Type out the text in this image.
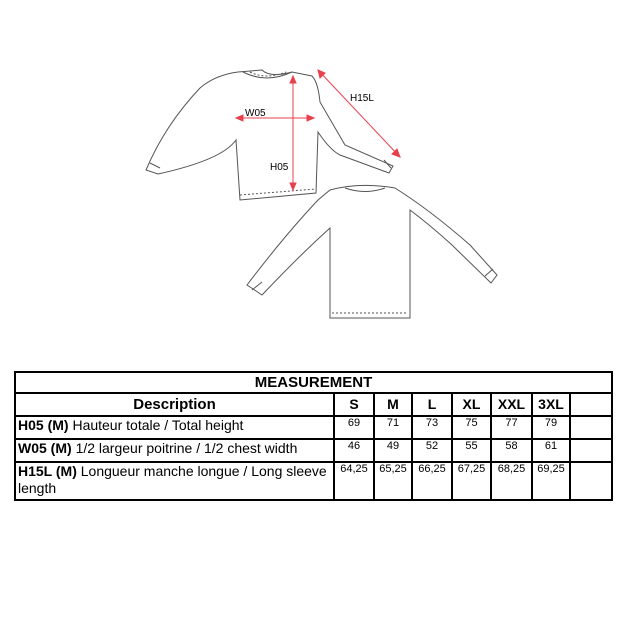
W05
H05
H15L
MEASUREMENT							
Description	S	M	L	XL	XXL	3XL	
H05 (M) Hauteur totale / Total height	69	71	73	75	77	79	
W05 (M) 1/2 largeur poitrine / 1/2 chest width	46	49	52	55	58	61	
H15L (M) Longueur manche longue / Long sleeve length	64,25	65,25	66,25	67,25	68,25	69,25	
